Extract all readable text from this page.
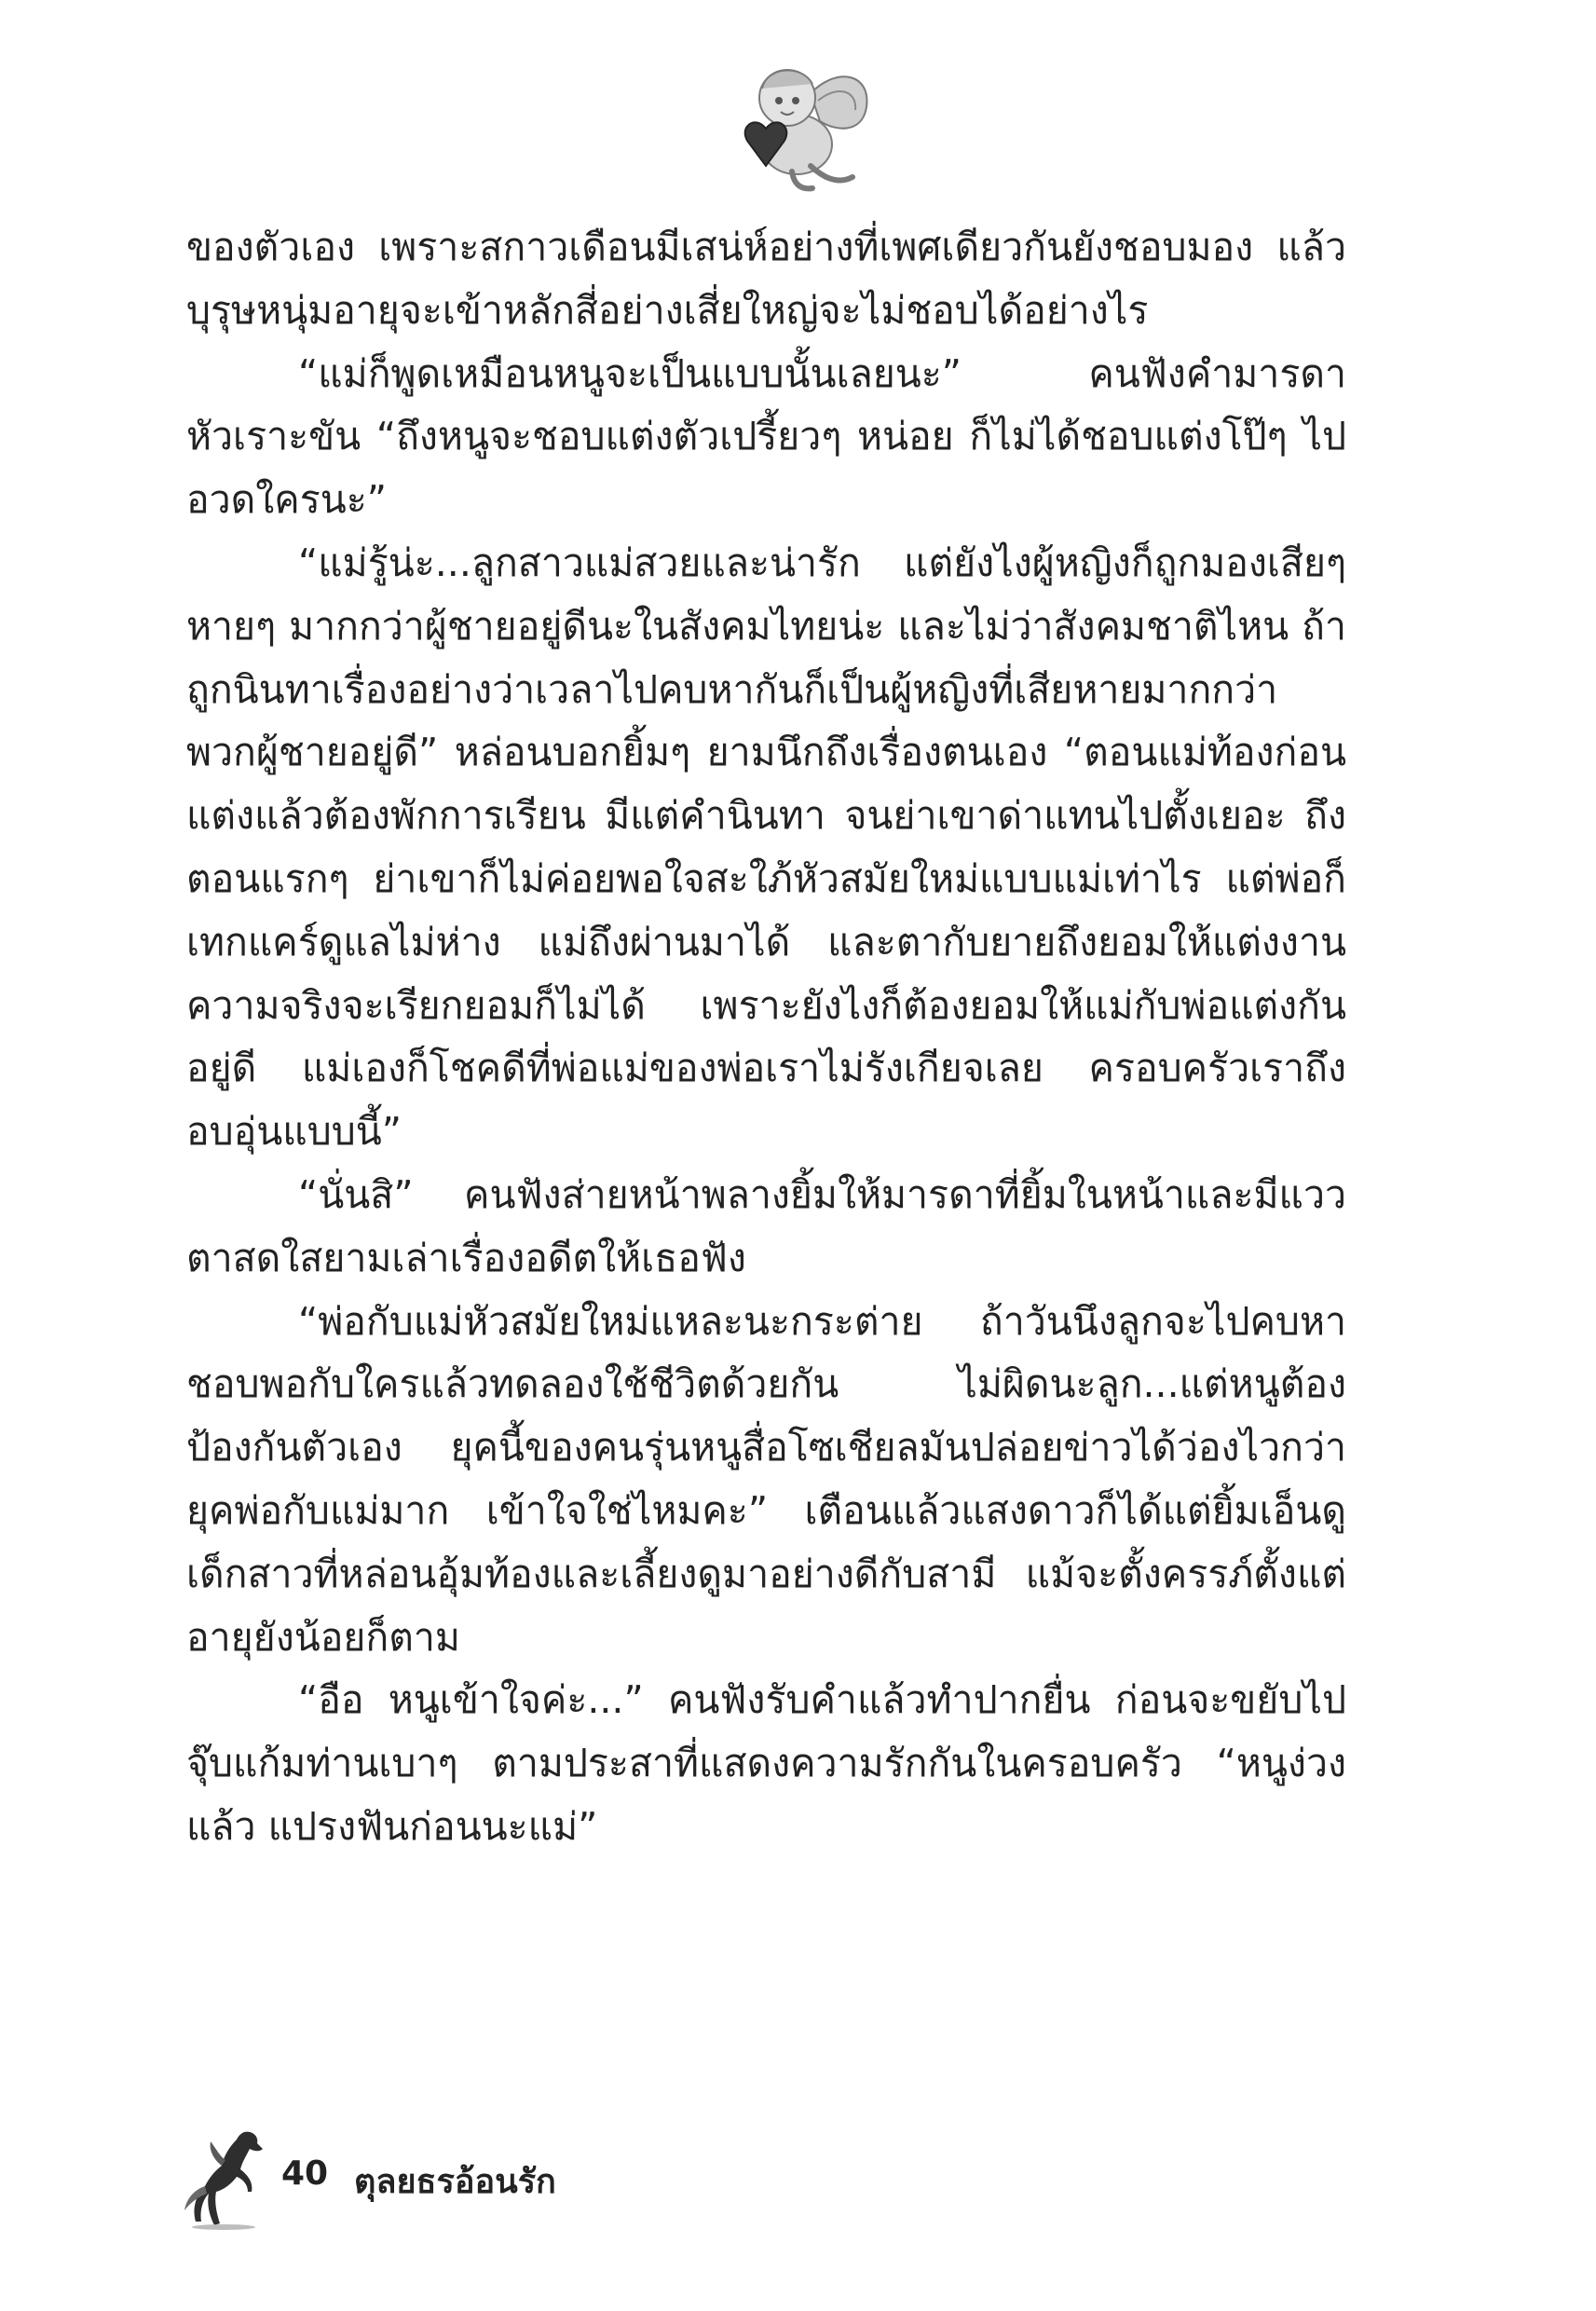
ของตัวเอง เพราะสกาวเดือนมีเสน่ห์อย่างที่เพศเดียวกันยังชอบมอง แล้วบุรุษหนุ่มอายุจะเข้าหลักสี่อย่างเสี่ยใหญ่จะไม่ชอบได้อย่างไร

“แม่ก็พูดเหมือนหนูจะเป็นแบบนั้นเลยนะ” คนฟังคำมารดาหัวเราะขัน “ถึงหนูจะชอบแต่งตัวเปรี้ยวๆ หน่อย ก็ไม่ได้ชอบแต่งโป๊ๆ ไปอวดใครนะ”

“แม่รู้น่ะ...ลูกสาวแม่สวยและน่ารัก แต่ยังไงผู้หญิงก็ถูกมองเสียๆ หายๆ มากกว่าผู้ชายอยู่ดีนะในสังคมไทยน่ะ และไม่ว่าสังคมชาติไหน ถ้าถูกนินทาเรื่องอย่างว่าเวลาไปคบหากันก็เป็นผู้หญิงที่เสียหายมากกว่าพวกผู้ชายอยู่ดี” หล่อนบอกยิ้มๆ ยามนึกถึงเรื่องตนเอง “ตอนแม่ท้องก่อนแต่งแล้วต้องพักการเรียน มีแต่คำนินทา จนย่าเขาด่าแทนไปตั้งเยอะ ถึงตอนแรกๆ ย่าเขาก็ไม่ค่อยพอใจสะใภ้หัวสมัยใหม่แบบแม่เท่าไร แต่พ่อก็เทกแคร์ดูแลไม่ห่าง แม่ถึงผ่านมาได้ และตากับยายถึงยอมให้แต่งงาน ความจริงจะเรียกยอมก็ไม่ได้ เพราะยังไงก็ต้องยอมให้แม่กับพ่อแต่งกันอยู่ดี แม่เองก็โชคดีที่พ่อแม่ของพ่อเราไม่รังเกียจเลย ครอบครัวเราถึงอบอุ่นแบบนี้”

“นั่นสิ” คนฟังส่ายหน้าพลางยิ้มให้มารดาที่ยิ้มในหน้าและมีแววตาสดใสยามเล่าเรื่องอดีตให้เธอฟัง

“พ่อกับแม่หัวสมัยใหม่แหละนะกระต่าย ถ้าวันนึงลูกจะไปคบหาชอบพอกับใครแล้วทดลองใช้ชีวิตด้วยกัน ไม่ผิดนะลูก...แต่หนูต้องป้องกันตัวเอง ยุคนี้ของคนรุ่นหนูสื่อโซเชียลมันปล่อยข่าวได้ว่องไวกว่ายุคพ่อกับแม่มาก เข้าใจใช่ไหมคะ” เตือนแล้วแสงดาวก็ได้แต่ยิ้มเอ็นดูเด็กสาวที่หล่อนอุ้มท้องและเลี้ยงดูมาอย่างดีกับสามี แม้จะตั้งครรภ์ตั้งแต่อายุยังน้อยก็ตาม

“อือ หนูเข้าใจค่ะ...” คนฟังรับคำแล้วทำปากยื่น ก่อนจะขยับไปจุ๊บแก้มท่านเบาๆ ตามประสาที่แสดงความรักกันในครอบครัว “หนูง่วงแล้ว แปรงฟันก่อนนะแม่”

40 ตุลยธรอ้อนรัก
